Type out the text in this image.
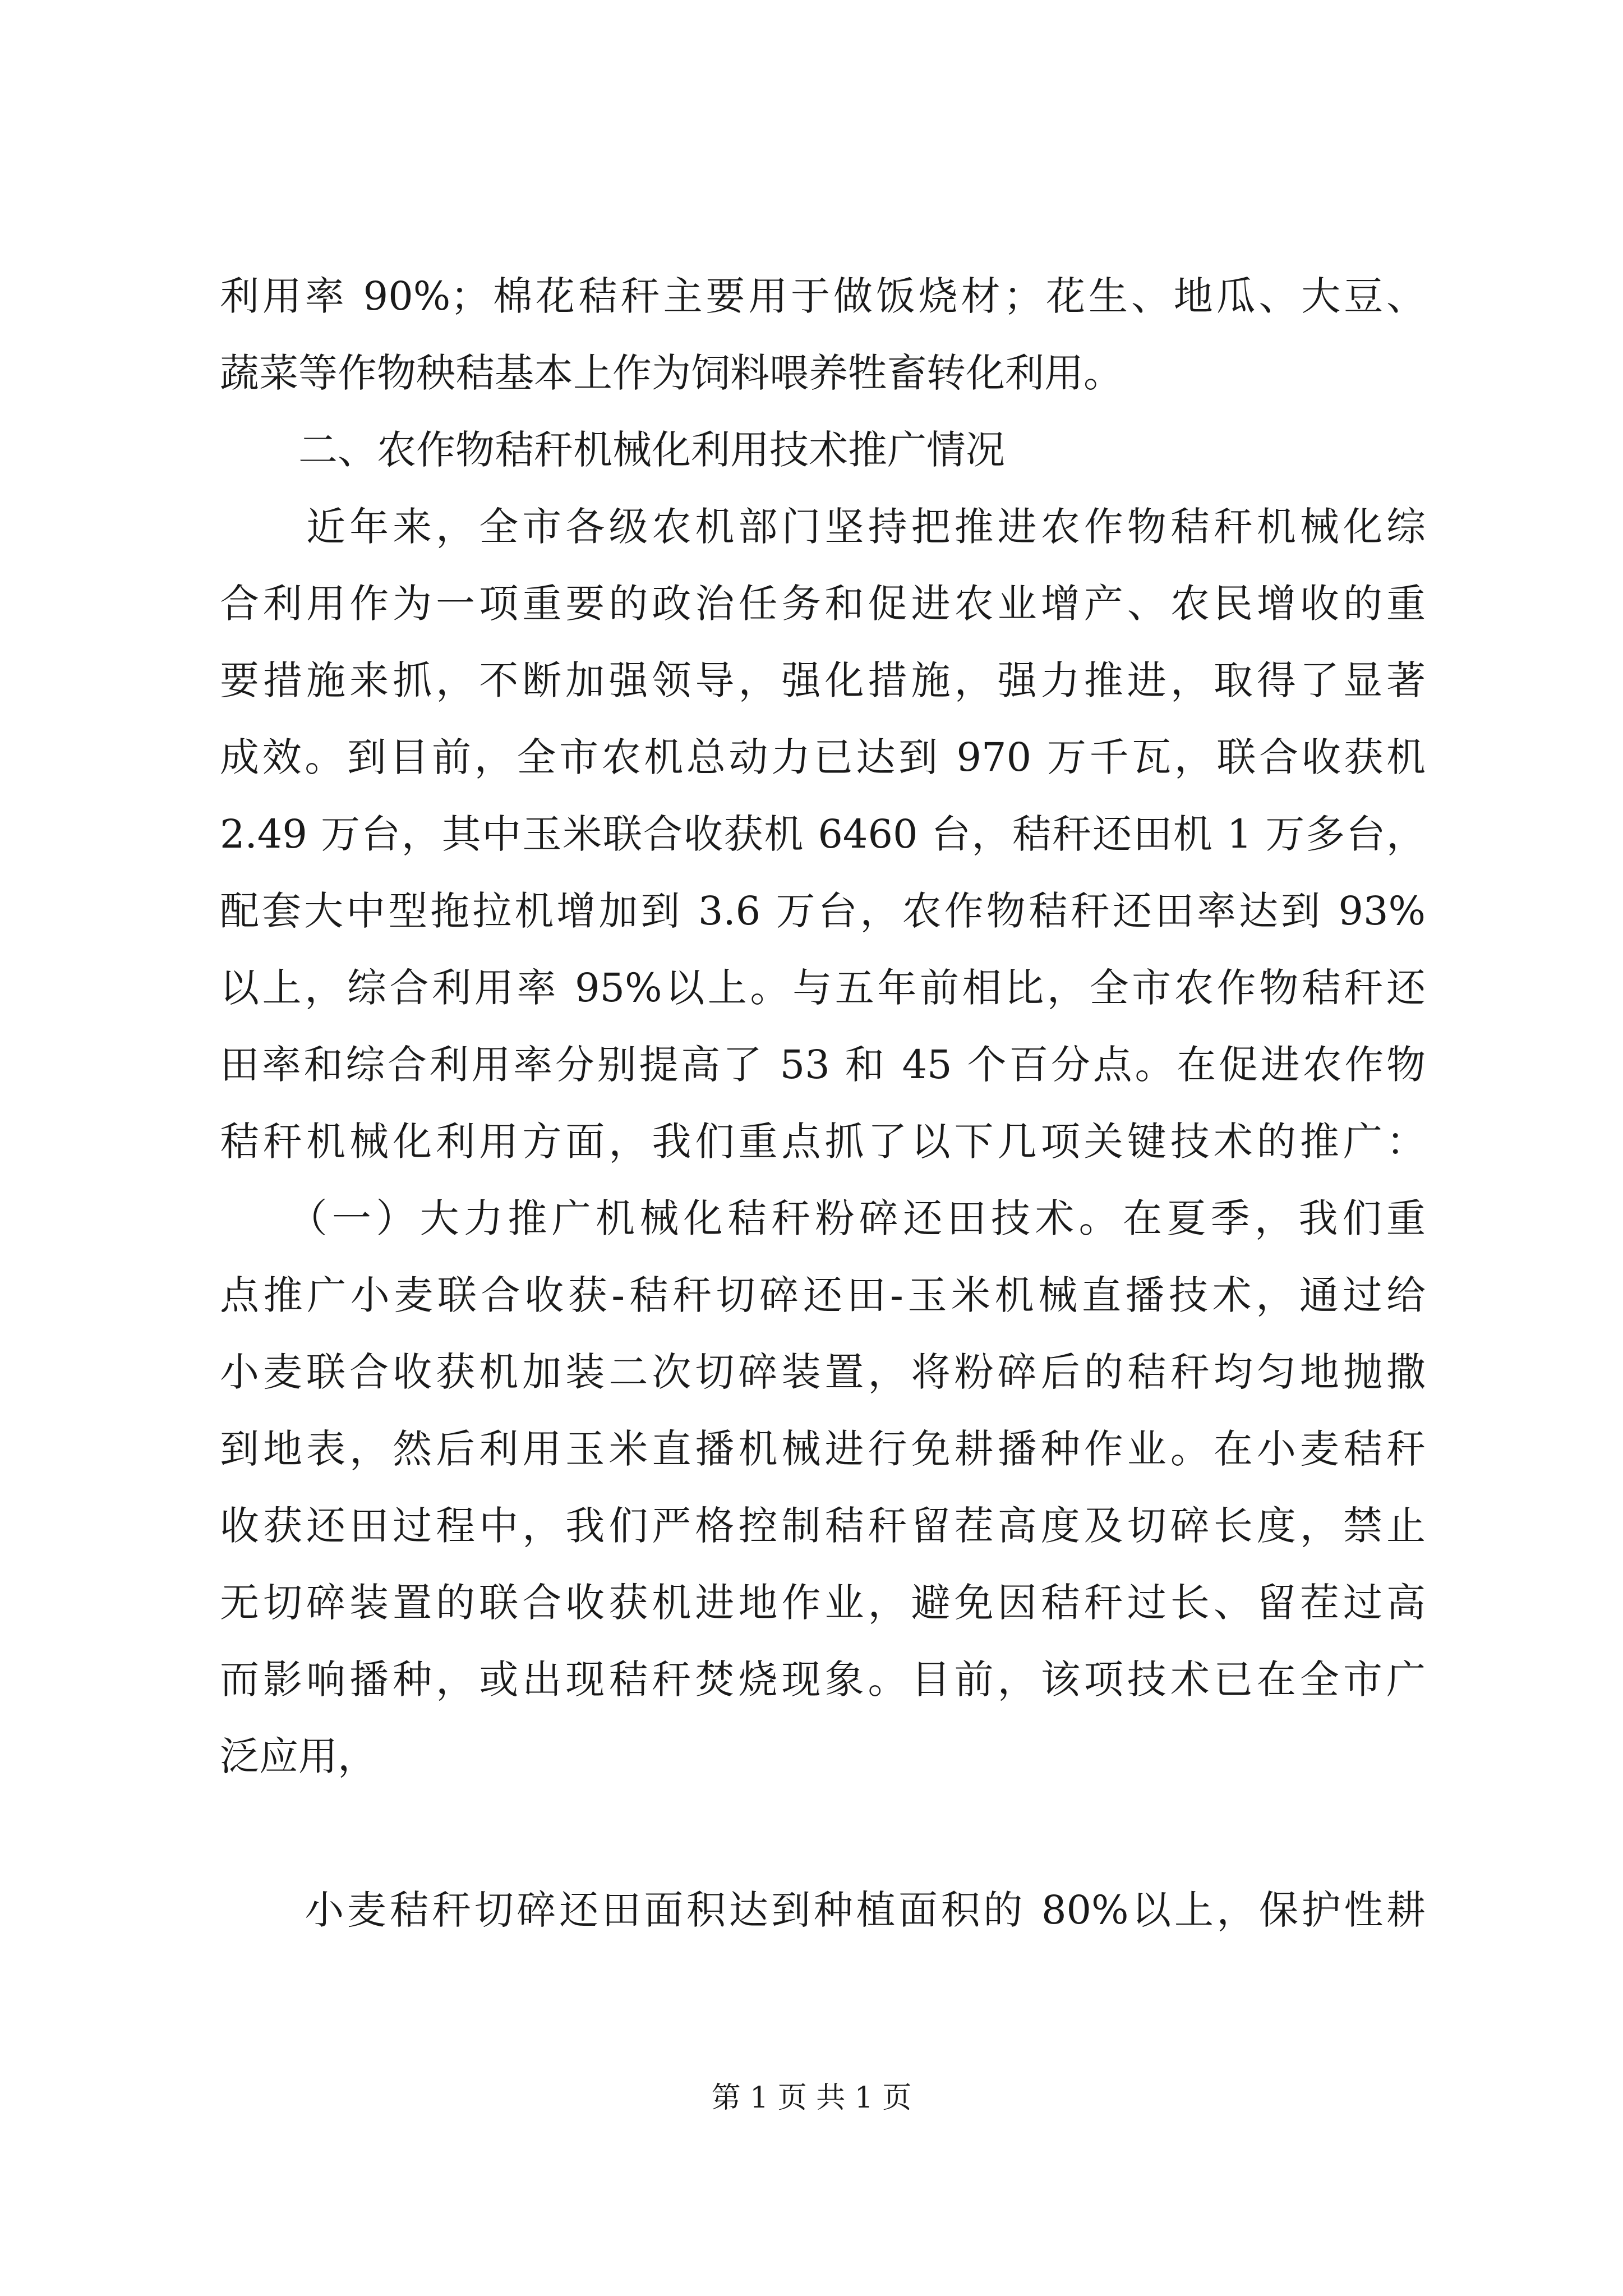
利用率 90%；棉花秸秆主要用于做饭烧材；花生、地瓜、大豆、
蔬菜等作物秧秸基本上作为饲料喂养牲畜转化利用。
　　二、农作物秸秆机械化利用技术推广情况
　　近年来，全市各级农机部门坚持把推进农作物秸秆机械化综
合利用作为一项重要的政治任务和促进农业增产、农民增收的重
要措施来抓，不断加强领导，强化措施，强力推进，取得了显著
成效。到目前，全市农机总动力已达到 970 万千瓦，联合收获机
2.49 万台，其中玉米联合收获机 6460 台，秸秆还田机 1 万多台，
配套大中型拖拉机增加到 3.6 万台，农作物秸秆还田率达到 93%
以上，综合利用率 95%以上。与五年前相比，全市农作物秸秆还
田率和综合利用率分别提高了 53 和 45 个百分点。在促进农作物
秸秆机械化利用方面，我们重点抓了以下几项关键技术的推广：
　　（一）大力推广机械化秸秆粉碎还田技术。在夏季，我们重
点推广小麦联合收获-秸秆切碎还田-玉米机械直播技术，通过给
小麦联合收获机加装二次切碎装置，将粉碎后的秸秆均匀地抛撒
到地表，然后利用玉米直播机械进行免耕播种作业。在小麦秸秆
收获还田过程中，我们严格控制秸秆留茬高度及切碎长度，禁止
无切碎装置的联合收获机进地作业，避免因秸秆过长、留茬过高
而影响播种，或出现秸秆焚烧现象。目前，该项技术已在全市广
泛应用，
　　小麦秸秆切碎还田面积达到种植面积的 80%以上，保护性耕
第 1 页 共 1 页
